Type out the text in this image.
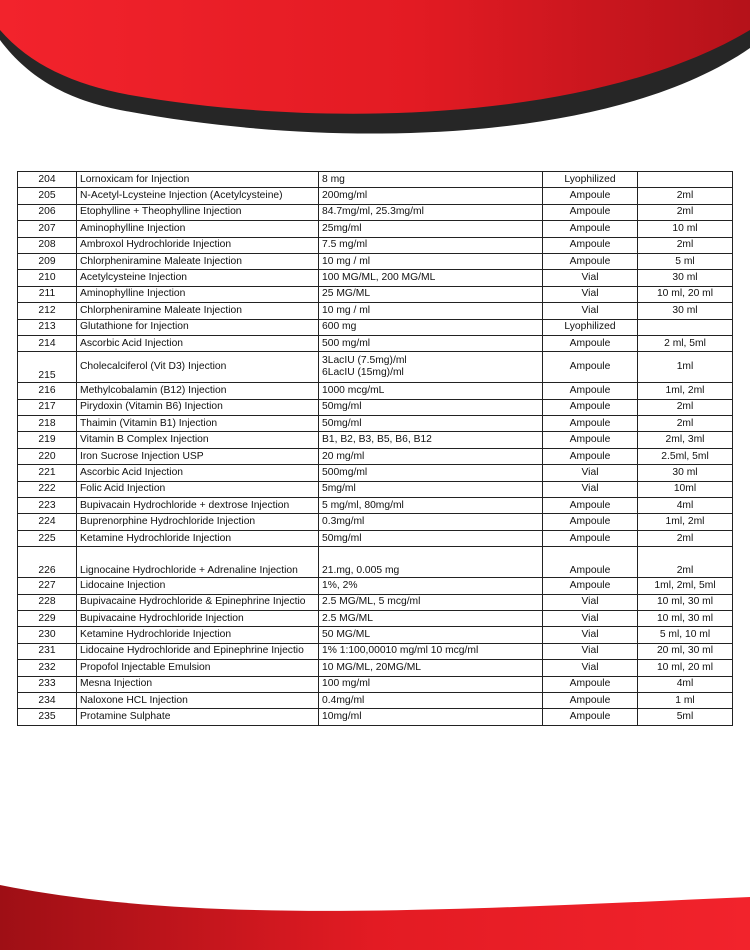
204	Lornoxicam for Injection	8 mg	Lyophilized	
205	N-Acetyl-Lcysteine Injection (Acetylcysteine)	200mg/ml	Ampoule	2ml
206	Etophylline + Theophylline Injection	84.7mg/ml, 25.3mg/ml	Ampoule	2ml
207	Aminophylline Injection	25mg/ml	Ampoule	10 ml
208	Ambroxol Hydrochloride Injection	7.5 mg/ml	Ampoule	2ml
209	Chlorpheniramine Maleate Injection	10 mg / ml	Ampoule	5 ml
210	Acetylcysteine Injection	100 MG/ML, 200 MG/ML	Vial	30 ml
211	Aminophylline Injection	25 MG/ML	Vial	10 ml, 20 ml
212	Chlorpheniramine Maleate Injection	10 mg / ml	Vial	30 ml
213	Glutathione for Injection	600 mg	Lyophilized	
214	Ascorbic Acid Injection	500 mg/ml	Ampoule	2 ml, 5ml
215	Cholecalciferol (Vit D3) Injection	3LacIU (7.5mg)/ml
6LacIU (15mg)/ml	Ampoule	1ml
216	Methylcobalamin (B12) Injection	1000 mcg/mL	Ampoule	1ml, 2ml
217	Pirydoxin (Vitamin B6) Injection	50mg/ml	Ampoule	2ml
218	Thaimin (Vitamin B1) Injection	50mg/ml	Ampoule	2ml
219	Vitamin B Complex Injection	B1, B2, B3, B5, B6, B12	Ampoule	2ml, 3ml
220	Iron Sucrose Injection USP	20 mg/ml	Ampoule	2.5ml, 5ml
221	Ascorbic Acid Injection	500mg/ml	Vial	30 ml
222	Folic Acid Injection	5mg/ml	Vial	10ml
223	Bupivacain Hydrochloride + dextrose Injection	5 mg/ml, 80mg/ml	Ampoule	4ml
224	Buprenorphine Hydrochloride Injection	0.3mg/ml	Ampoule	1ml, 2ml
225	Ketamine Hydrochloride Injection	50mg/ml	Ampoule	2ml
226	Lignocaine Hydrochloride + Adrenaline Injection	21.mg, 0.005 mg	Ampoule	2ml
227	Lidocaine Injection	1%, 2%	Ampoule	1ml, 2ml, 5ml
228	Bupivacaine Hydrochloride & Epinephrine Injectio	2.5 MG/ML, 5 mcg/ml	Vial	10 ml, 30 ml
229	Bupivacaine Hydrochloride Injection	2.5 MG/ML	Vial	10 ml, 30 ml
230	Ketamine Hydrochloride Injection	50 MG/ML	Vial	5 ml, 10 ml
231	Lidocaine Hydrochloride and Epinephrine Injectio	1% 1:100,00010 mg/ml 10 mcg/ml	Vial	20 ml, 30 ml
232	Propofol Injectable Emulsion	10 MG/ML, 20MG/ML	Vial	10 ml, 20 ml
233	Mesna Injection	100 mg/ml	Ampoule	4ml
234	Naloxone HCL Injection	0.4mg/ml	Ampoule	1 ml
235	Protamine Sulphate	10mg/ml	Ampoule	5ml
